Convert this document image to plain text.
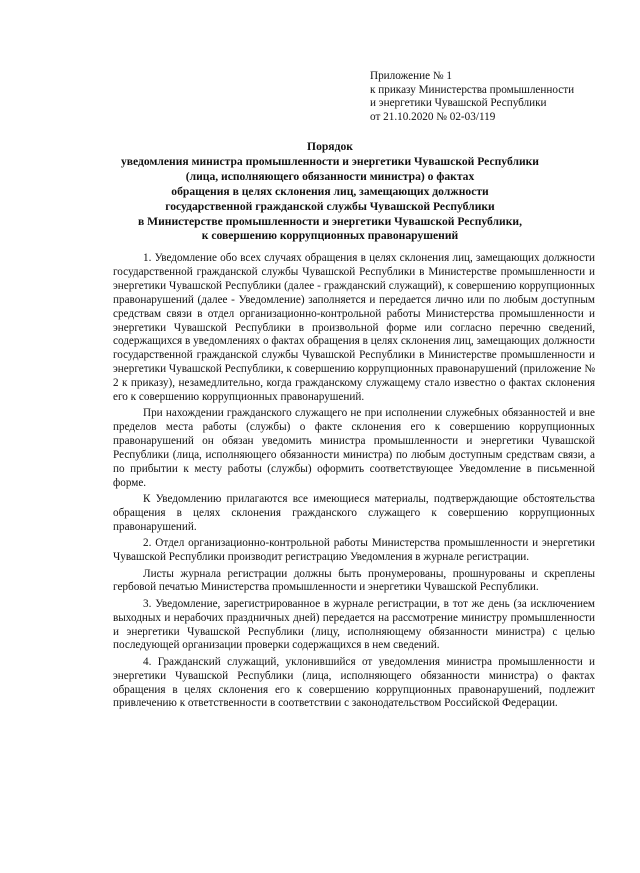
Приложение № 1
к приказу Министерства промышленности
и энергетики Чувашской Республики
от 21.10.2020 № 02-03/119
Порядок
уведомления министра промышленности и энергетики Чувашской Республики
(лица, исполняющего обязанности министра) о фактах
обращения в целях склонения лиц, замещающих должности
государственной гражданской службы Чувашской Республики
в Министерстве промышленности и энергетики Чувашской Республики,
к совершению коррупционных правонарушений

1. Уведомление обо всех случаях обращения в целях склонения лиц, замещающих должности государственной гражданской службы Чувашской Республики в Министерстве промышленности и энергетики Чувашской Республики (далее - гражданский служащий), к совершению коррупционных правонарушений (далее - Уведомление) заполняется и передается лично или по любым доступным средствам связи в отдел организационно-контрольной работы Министерства промышленности и энергетики Чувашской Республики в произвольной форме или согласно перечню сведений, содержащихся в уведомлениях о фактах обращения в целях склонения лиц, замещающих должности государственной гражданской службы Чувашской Республики в Министерстве промышленности и энергетики Чувашской Республики, к совершению коррупционных правонарушений (приложение № 2 к приказу), незамедлительно, когда гражданскому служащему стало известно о фактах склонения его к совершению коррупционных правонарушений.

При нахождении гражданского служащего не при исполнении служебных обязанностей и вне пределов места работы (службы) о факте склонения его к совершению коррупционных правонарушений он обязан уведомить министра промышленности и энергетики Чувашской Республики (лица, исполняющего обязанности министра) по любым доступным средствам связи, а по прибытии к месту работы (службы) оформить соответствующее Уведомление в письменной форме.

К Уведомлению прилагаются все имеющиеся материалы, подтверждающие обстоятельства обращения в целях склонения гражданского служащего к совершению коррупционных правонарушений.

2. Отдел организационно-контрольной работы Министерства промышленности и энергетики Чувашской Республики производит регистрацию Уведомления в журнале регистрации.

Листы журнала регистрации должны быть пронумерованы, прошнурованы и скреплены гербовой печатью Министерства промышленности и энергетики Чувашской Республики.

3. Уведомление, зарегистрированное в журнале регистрации, в тот же день (за исключением выходных и нерабочих праздничных дней) передается на рассмотрение министру промышленности и энергетики Чувашской Республики (лицу, исполняющему обязанности министра) с целью последующей организации проверки содержащихся в нем сведений.

4. Гражданский служащий, уклонившийся от уведомления министра промышленности и энергетики Чувашской Республики (лица, исполняющего обязанности министра) о фактах обращения в целях склонения его к совершению коррупционных правонарушений, подлежит привлечению к ответственности в соответствии с законодательством Российской Федерации.
